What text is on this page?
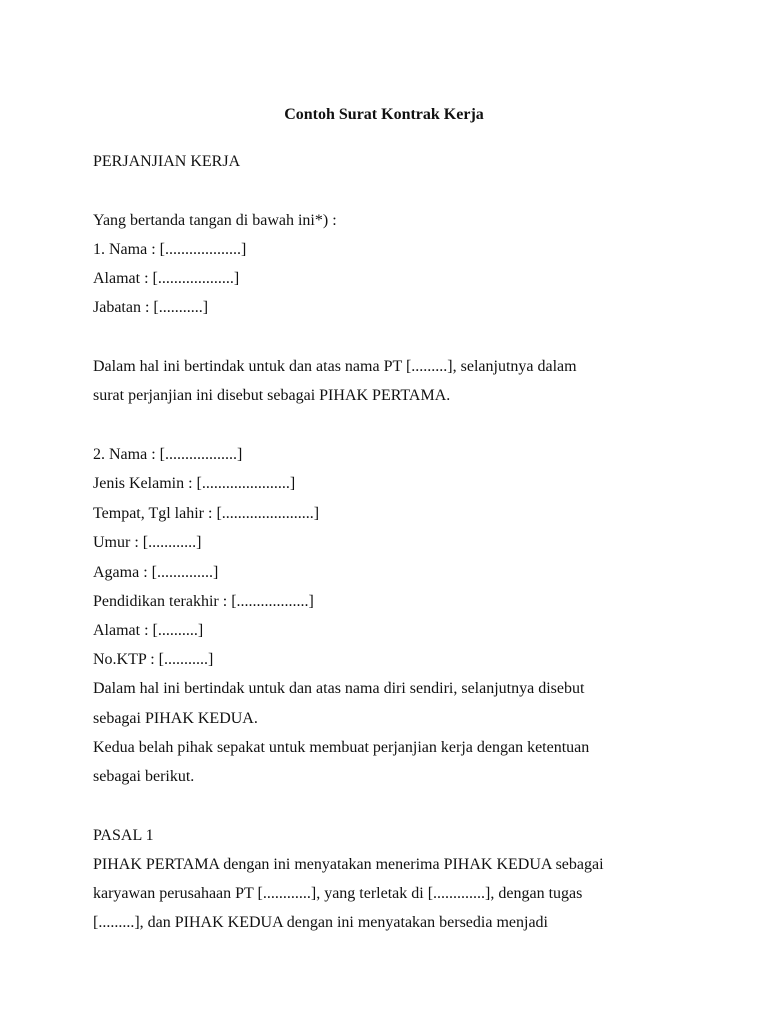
Contoh Surat Kontrak Kerja
PERJANJIAN KERJA
Yang bertanda tangan di bawah ini*) :
1. Nama : [...................]
Alamat : [...................]
Jabatan : [...........]
Dalam hal ini bertindak untuk dan atas nama PT [.........], selanjutnya dalam
surat perjanjian ini disebut sebagai PIHAK PERTAMA.
2. Nama : [..................]
Jenis Kelamin : [......................]
Tempat, Tgl lahir : [.......................]
Umur : [............]
Agama : [..............]
Pendidikan terakhir : [..................]
Alamat : [..........]
No.KTP : [...........]
Dalam hal ini bertindak untuk dan atas nama diri sendiri, selanjutnya disebut
sebagai PIHAK KEDUA.
Kedua belah pihak sepakat untuk membuat perjanjian kerja dengan ketentuan
sebagai berikut.
PASAL 1
PIHAK PERTAMA dengan ini menyatakan menerima PIHAK KEDUA sebagai
karyawan perusahaan PT [............], yang terletak di [.............], dengan tugas
[.........], dan PIHAK KEDUA dengan ini menyatakan bersedia menjadi
